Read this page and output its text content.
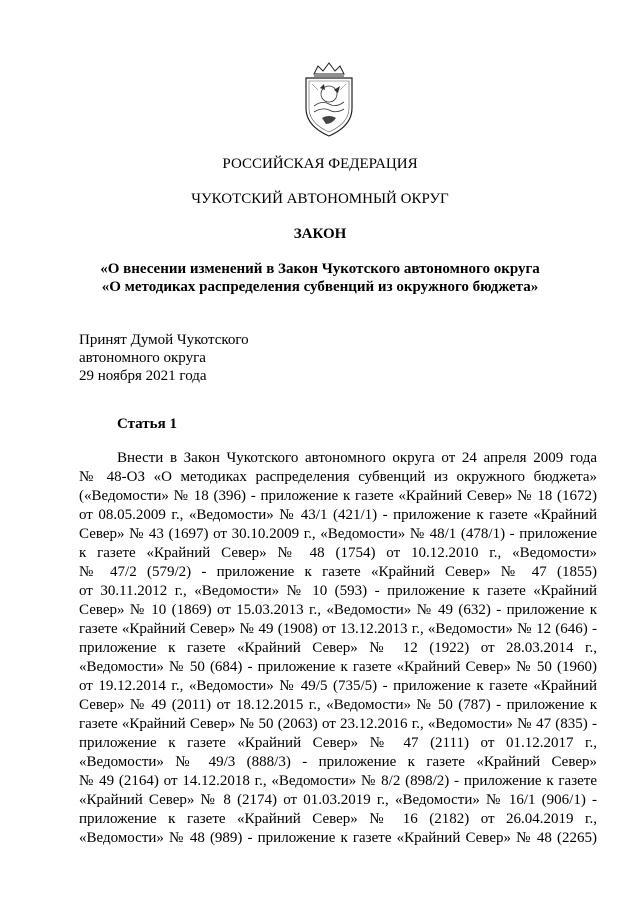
РОССИЙСКАЯ ФЕДЕРАЦИЯ
ЧУКОТСКИЙ АВТОНОМНЫЙ ОКРУГ
ЗАКОН
«О внесении изменений в Закон Чукотского автономного округа
«О методиках распределения субвенций из окружного бюджета»
Принят Думой Чукотского
автономного округа
29 ноября 2021 года
Статья 1
Внести в Закон Чукотского автономного округа от 24 апреля 2009 года
№ 48-ОЗ «О методиках распределения субвенций из окружного бюджета»
(«Ведомости» № 18 (396) - приложение к газете «Крайний Север» № 18 (1672)
от 08.05.2009 г., «Ведомости» № 43/1 (421/1) - приложение к газете «Крайний
Север» № 43 (1697) от 30.10.2009 г., «Ведомости» № 48/1 (478/1) - приложение
к газете «Крайний Север» № 48 (1754) от 10.12.2010 г., «Ведомости»
№ 47/2 (579/2) - приложение к газете «Крайний Север» № 47 (1855)
от 30.11.2012 г., «Ведомости» № 10 (593) - приложение к газете «Крайний
Север» № 10 (1869) от 15.03.2013 г., «Ведомости» № 49 (632) - приложение к
газете «Крайний Север» № 49 (1908) от 13.12.2013 г., «Ведомости» № 12 (646) -
приложение к газете «Крайний Север» № 12 (1922) от 28.03.2014 г.,
«Ведомости» № 50 (684) - приложение к газете «Крайний Север» № 50 (1960)
от 19.12.2014 г., «Ведомости» № 49/5 (735/5) - приложение к газете «Крайний
Север» № 49 (2011) от 18.12.2015 г., «Ведомости» № 50 (787) - приложение к
газете «Крайний Север» № 50 (2063) от 23.12.2016 г., «Ведомости» № 47 (835) -
приложение к газете «Крайний Север» № 47 (2111) от 01.12.2017 г.,
«Ведомости» № 49/3 (888/3) - приложение к газете «Крайний Север»
№ 49 (2164) от 14.12.2018 г., «Ведомости» № 8/2 (898/2) - приложение к газете
«Крайний Север» № 8 (2174) от 01.03.2019 г., «Ведомости» № 16/1 (906/1) -
приложение к газете «Крайний Север» № 16 (2182) от 26.04.2019 г.,
«Ведомости» № 48 (989) - приложение к газете «Крайний Север» № 48 (2265)
